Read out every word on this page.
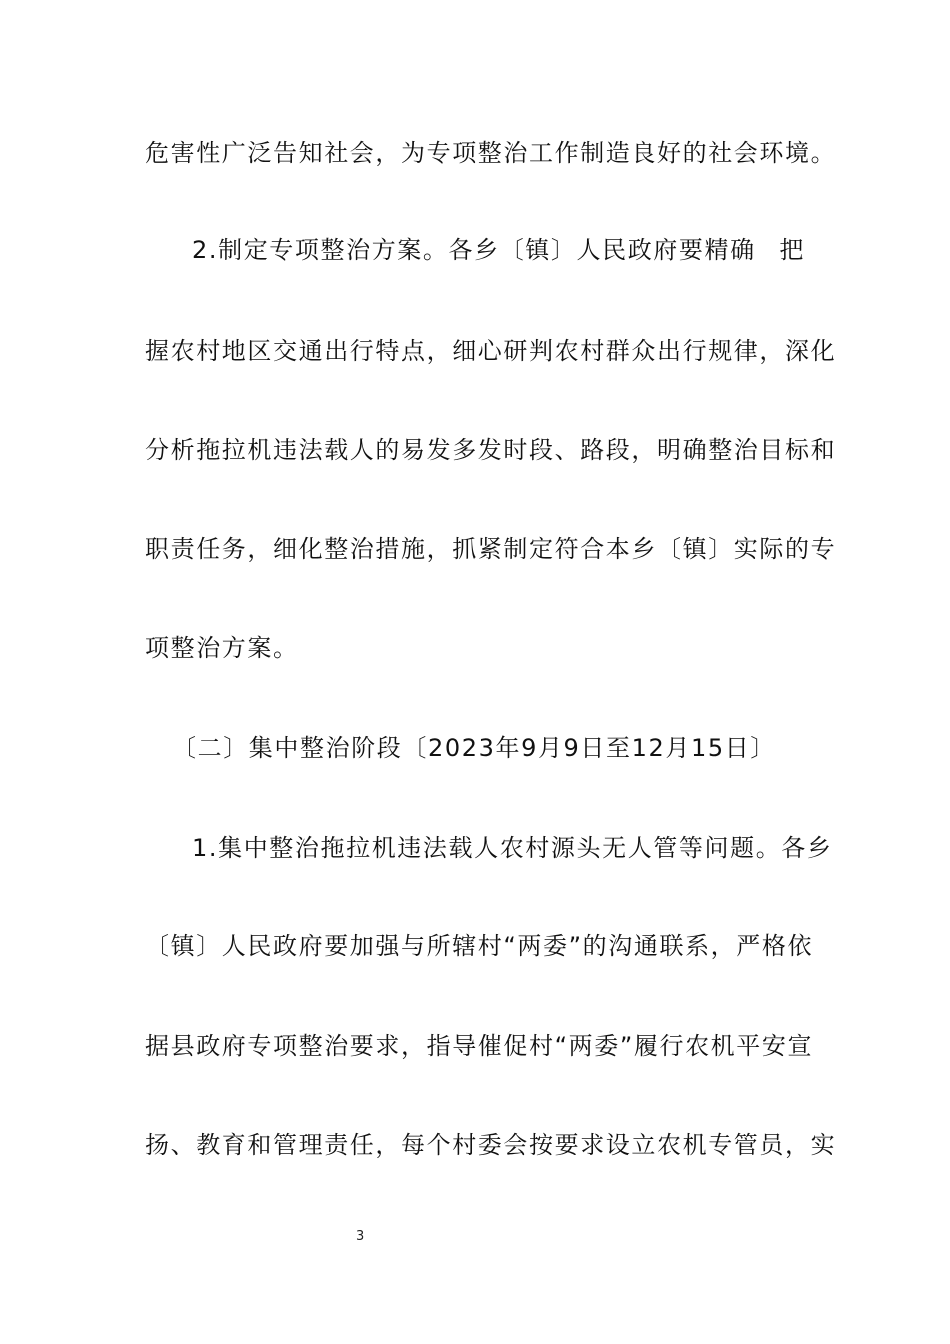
危害性广泛告知社会，为专项整治工作制造良好的社会环境。
2.制定专项整治方案。各乡〔镇〕人民政府要精确 把
握农村地区交通出行特点，细心研判农村群众出行规律，深化
分析拖拉机违法载人的易发多发时段、路段，明确整治目标和
职责任务，细化整治措施，抓紧制定符合本乡〔镇〕实际的专
项整治方案。
〔二〕集中整治阶段〔2023年9月9日至12月15日〕
1.集中整治拖拉机违法载人农村源头无人管等问题。各乡
〔镇〕人民政府要加强与所辖村“两委”的沟通联系，严格依
据县政府专项整治要求，指导催促村“两委”履行农机平安宣
扬、教育和管理责任，每个村委会按要求设立农机专管员，实
3
